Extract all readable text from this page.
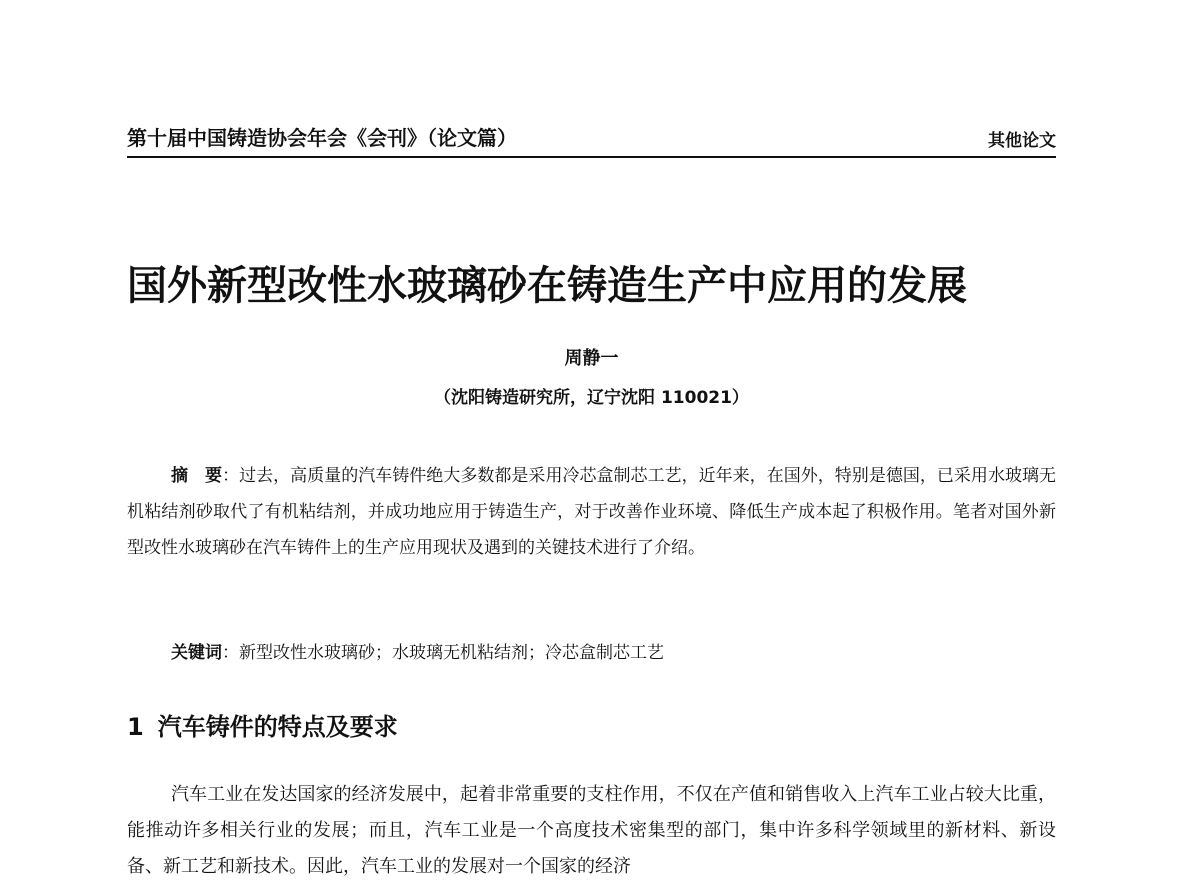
第十届中国铸造协会年会《会刊》（论文篇）	其他论文
国外新型改性水玻璃砂在铸造生产中应用的发展
周静一
（沈阳铸造研究所，辽宁沈阳 110021）

摘　要：过去，高质量的汽车铸件绝大多数都是采用冷芯盒制芯工艺，近年来，在国外，特别是德国，已采用水玻璃无机粘结剂砂取代了有机粘结剂，并成功地应用于铸造生产，对于改善作业环境、降低生产成本起了积极作用。笔者对国外新型改性水玻璃砂在汽车铸件上的生产应用现状及遇到的关键技术进行了介绍。

关键词：新型改性水玻璃砂；水玻璃无机粘结剂；冷芯盒制芯工艺
1 汽车铸件的特点及要求

汽车工业在发达国家的经济发展中，起着非常重要的支柱作用，不仅在产值和销售收入上汽车工业占较大比重，能推动许多相关行业的发展；而且，汽车工业是一个高度技术密集型的部门，集中许多科学领域里的新材料、新设备、新工艺和新技术。因此，汽车工业的发展对一个国家的经济
